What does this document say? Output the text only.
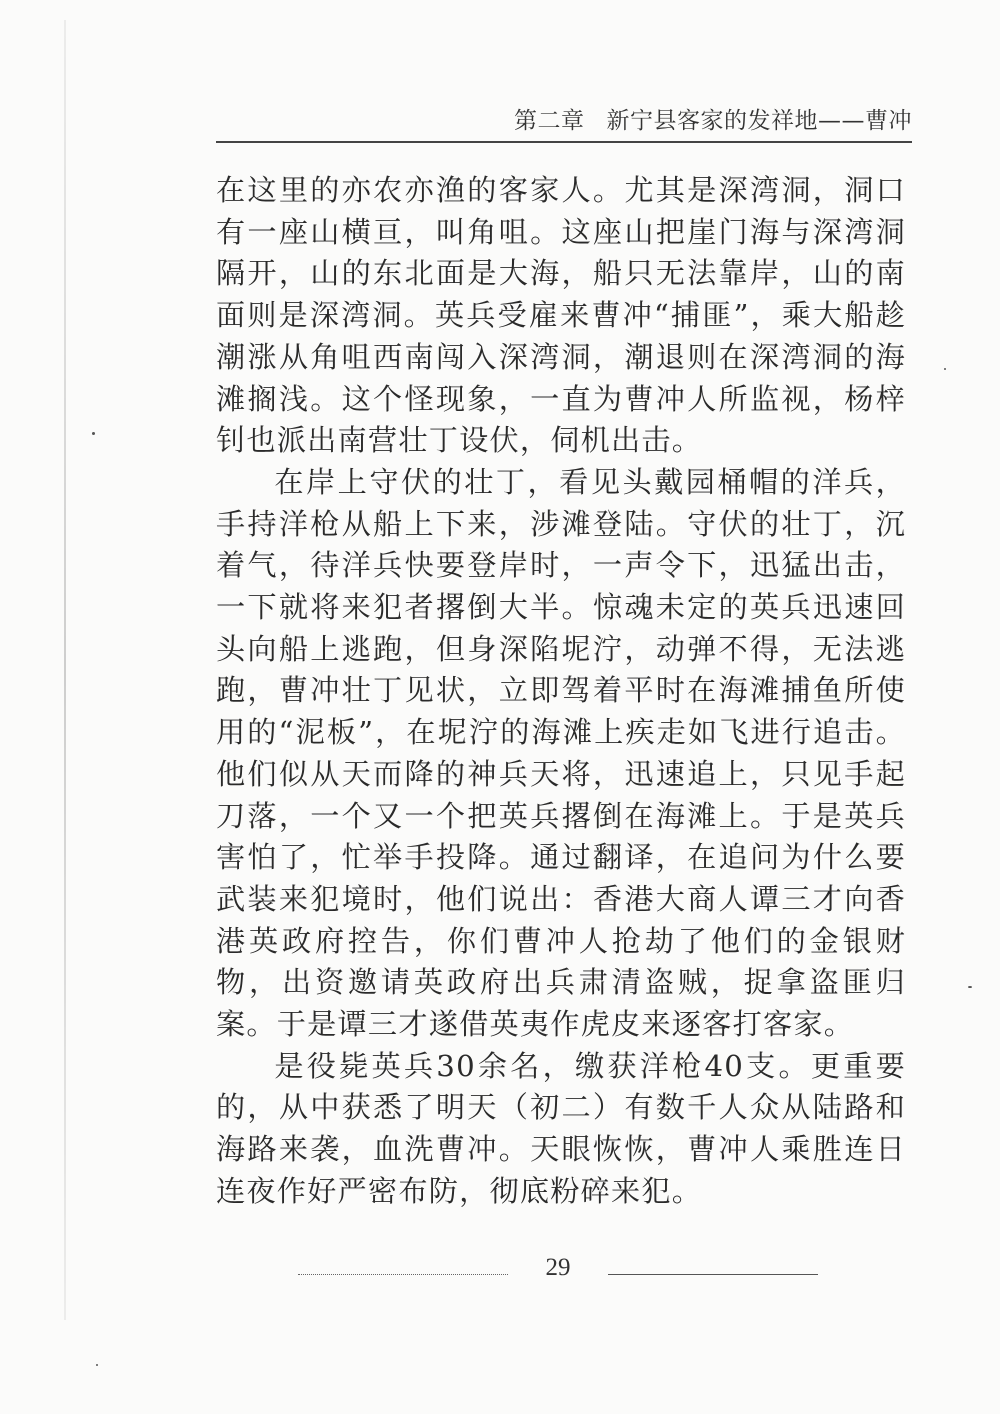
第二章 新宁县客家的发祥地——曹冲

在这里的亦农亦渔的客家人。尤其是深湾洞，洞口有一座山横亘，叫角咀。这座山把崖门海与深湾洞隔开，山的东北面是大海，船只无法靠岸，山的南面则是深湾洞。英兵受雇来曹冲“捕匪”，乘大船趁潮涨从角咀西南闯入深湾洞，潮退则在深湾洞的海滩搁浅。这个怪现象，一直为曹冲人所监视，杨梓钊也派出南营壮丁设伏，伺机出击。

在岸上守伏的壮丁，看见头戴园桶帽的洋兵，手持洋枪从船上下来，涉滩登陆。守伏的壮丁，沉着气，待洋兵快要登岸时，一声令下，迅猛出击，一下就将来犯者撂倒大半。惊魂未定的英兵迅速回头向船上逃跑，但身深陷坭泞，动弹不得，无法逃跑，曹冲壮丁见状，立即驾着平时在海滩捕鱼所使用的“泥板”，在坭泞的海滩上疾走如飞进行追击。他们似从天而降的神兵天将，迅速追上，只见手起刀落，一个又一个把英兵撂倒在海滩上。于是英兵害怕了，忙举手投降。通过翻译，在追问为什么要武装来犯境时，他们说出：香港大商人谭三才向香港英政府控告，你们曹冲人抢劫了他们的金银财物，出资邀请英政府出兵肃清盗贼，捉拿盗匪归案。于是谭三才遂借英夷作虎皮来逐客打客家。

是役毙英兵30余名，缴获洋枪40支。更重要的，从中获悉了明天（初二）有数千人众从陆路和海路来袭，血洗曹冲。天眼恢恢，曹冲人乘胜连日连夜作好严密布防，彻底粉碎来犯。

29
